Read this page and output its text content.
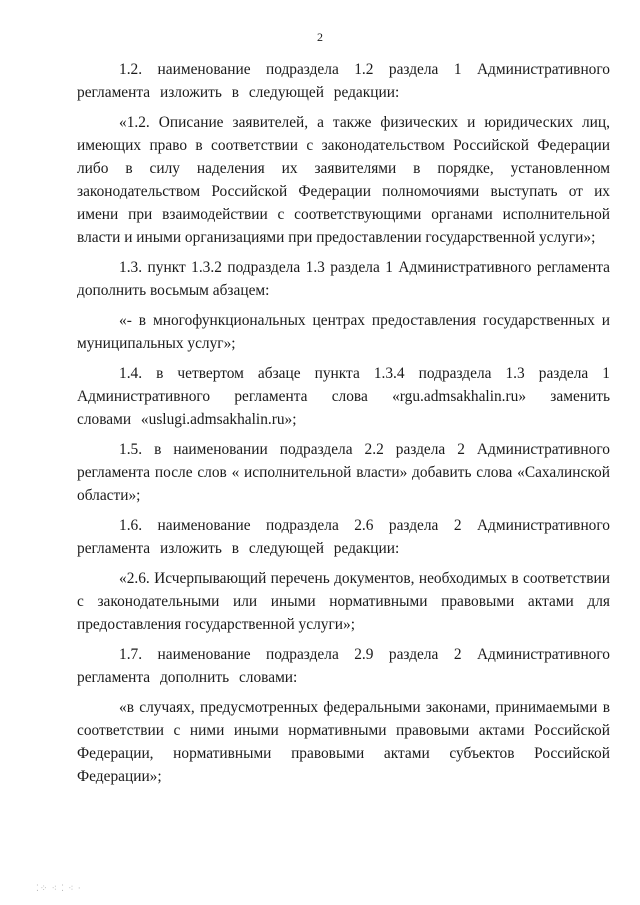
2

1.2. наименование подраздела 1.2 раздела 1 Административного регламента изложить в следующей редакции:

«1.2. Описание заявителей, а также физических и юридических лиц, имеющих право в соответствии с законодательством Российской Федерации либо в силу наделения их заявителями в порядке, установленном законодательством Российской Федерации полномочиями выступать от их имени при взаимодействии с соответствующими органами исполнительной власти и иными организациями при предоставлении государственной услуги»;

1.3. пункт 1.3.2 подраздела 1.3 раздела 1 Административного регламента дополнить восьмым абзацем:

«- в многофункциональных центрах предоставления государственных и муниципальных услуг»;

1.4. в четвертом абзаце пункта 1.3.4 подраздела 1.3 раздела 1 Административного регламента слова «rgu.admsakhalin.ru» заменить словами «uslugi.admsakhalin.ru»;

1.5. в наименовании подраздела 2.2 раздела 2 Административного регламента после слов « исполнительной власти» добавить слова «Сахалинской области»;

1.6. наименование подраздела 2.6 раздела 2 Административного регламента изложить в следующей редакции:

«2.6. Исчерпывающий перечень документов, необходимых в соответствии с законодательными или иными нормативными правовыми актами для предоставления государственной услуги»;

1.7. наименование подраздела 2.9 раздела 2 Административного регламента дополнить словами:

«в случаях, предусмотренных федеральными законами, принимаемыми в соответствии с ними иными нормативными правовыми актами Российской Федерации, нормативными правовыми актами субъектов Российской Федерации»;

⁚⁘ ⁖ ⁚ ⁖ ·
